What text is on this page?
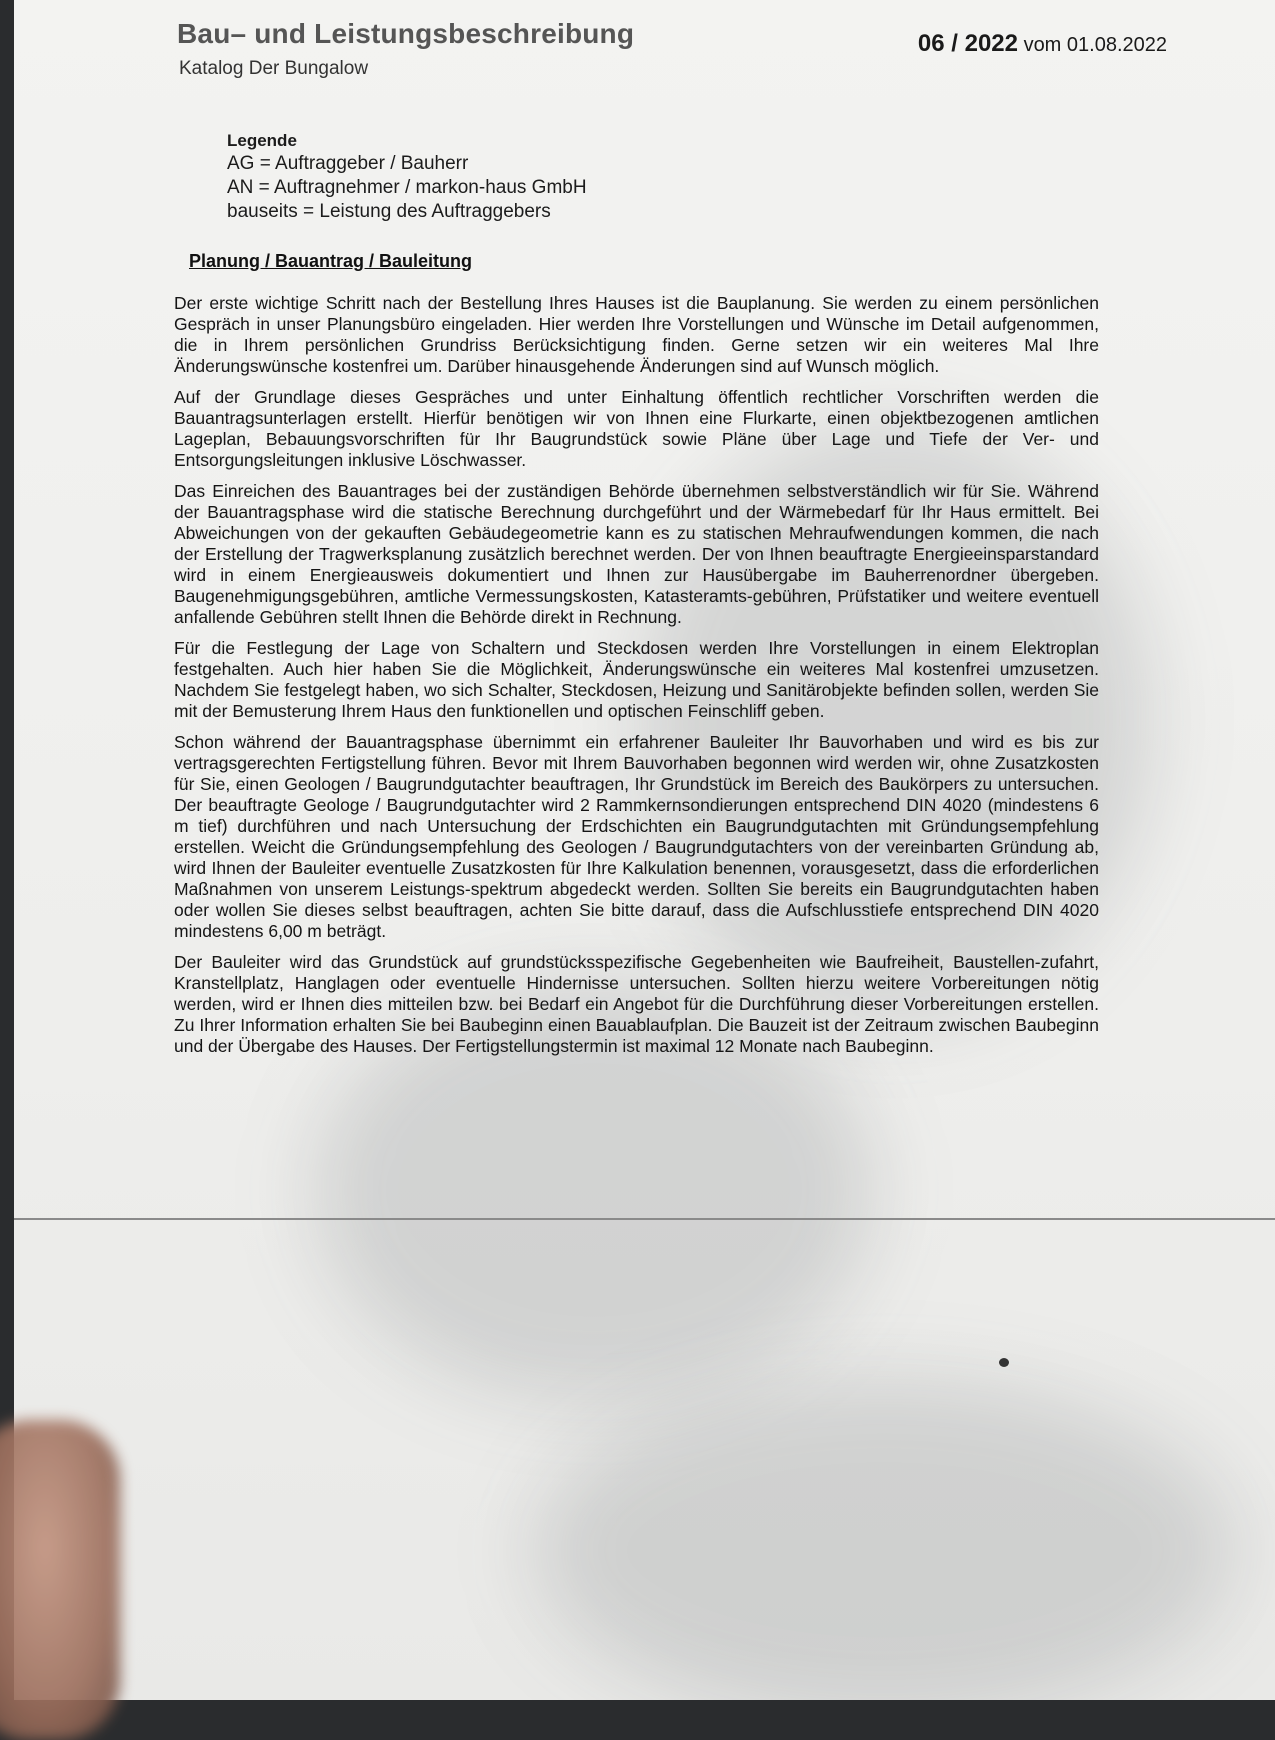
Bau– und Leistungsbeschreibung
Katalog Der Bungalow
06 / 2022 vom 01.08.2022
Legende
AG = Auftraggeber / Bauherr
AN = Auftragnehmer / markon-haus GmbH
bauseits = Leistung des Auftraggebers
Planung / Bauantrag / Bauleitung

Der erste wichtige Schritt nach der Bestellung Ihres Hauses ist die Bauplanung. Sie werden zu einem persönlichen Gespräch in unser Planungsbüro eingeladen. Hier werden Ihre Vorstellungen und Wünsche im Detail aufgenommen, die in Ihrem persönlichen Grundriss Berücksichtigung finden. Gerne setzen wir ein weiteres Mal Ihre Änderungswünsche kostenfrei um. Darüber hinausgehende Änderungen sind auf Wunsch möglich.

Auf der Grundlage dieses Gespräches und unter Einhaltung öffentlich rechtlicher Vorschriften werden die Bauantragsunterlagen erstellt. Hierfür benötigen wir von Ihnen eine Flurkarte, einen objektbezogenen amtlichen Lageplan, Bebauungsvorschriften für Ihr Baugrundstück sowie Pläne über Lage und Tiefe der Ver- und Entsorgungsleitungen inklusive Löschwasser.

Das Einreichen des Bauantrages bei der zuständigen Behörde übernehmen selbstverständlich wir für Sie. Während der Bauantragsphase wird die statische Berechnung durchgeführt und der Wärmebedarf für Ihr Haus ermittelt. Bei Abweichungen von der gekauften Gebäudegeometrie kann es zu statischen Mehraufwendungen kommen, die nach der Erstellung der Tragwerksplanung zusätzlich berechnet werden. Der von Ihnen beauftragte Energieeinsparstandard wird in einem Energieausweis dokumentiert und Ihnen zur Hausübergabe im Bauherrenordner übergeben. Baugenehmigungsgebühren, amtliche Vermessungskosten, Katasteramts-gebühren, Prüfstatiker und weitere eventuell anfallende Gebühren stellt Ihnen die Behörde direkt in Rechnung.

Für die Festlegung der Lage von Schaltern und Steckdosen werden Ihre Vorstellungen in einem Elektroplan festgehalten. Auch hier haben Sie die Möglichkeit, Änderungswünsche ein weiteres Mal kostenfrei umzusetzen. Nachdem Sie festgelegt haben, wo sich Schalter, Steckdosen, Heizung und Sanitärobjekte befinden sollen, werden Sie mit der Bemusterung Ihrem Haus den funktionellen und optischen Feinschliff geben.

Schon während der Bauantragsphase übernimmt ein erfahrener Bauleiter Ihr Bauvorhaben und wird es bis zur vertragsgerechten Fertigstellung führen. Bevor mit Ihrem Bauvorhaben begonnen wird werden wir, ohne Zusatzkosten für Sie, einen Geologen / Baugrundgutachter beauftragen, Ihr Grundstück im Bereich des Baukörpers zu untersuchen. Der beauftragte Geologe / Baugrundgutachter wird 2 Rammkernsondierungen entsprechend DIN 4020 (mindestens 6 m tief) durchführen und nach Untersuchung der Erdschichten ein Baugrundgutachten mit Gründungsempfehlung erstellen. Weicht die Gründungsempfehlung des Geologen / Baugrundgutachters von der vereinbarten Gründung ab, wird Ihnen der Bauleiter eventuelle Zusatzkosten für Ihre Kalkulation benennen, vorausgesetzt, dass die erforderlichen Maßnahmen von unserem Leistungs-spektrum abgedeckt werden. Sollten Sie bereits ein Baugrundgutachten haben oder wollen Sie dieses selbst beauftragen, achten Sie bitte darauf, dass die Aufschlusstiefe entsprechend DIN 4020 mindestens 6,00 m beträgt.

Der Bauleiter wird das Grundstück auf grundstücksspezifische Gegebenheiten wie Baufreiheit, Baustellen-zufahrt, Kranstellplatz, Hanglagen oder eventuelle Hindernisse untersuchen. Sollten hierzu weitere Vorbereitungen nötig werden, wird er Ihnen dies mitteilen bzw. bei Bedarf ein Angebot für die Durchführung dieser Vorbereitungen erstellen. Zu Ihrer Information erhalten Sie bei Baubeginn einen Bauablaufplan. Die Bauzeit ist der Zeitraum zwischen Baubeginn und der Übergabe des Hauses. Der Fertigstellungstermin ist maximal 12 Monate nach Baubeginn.
